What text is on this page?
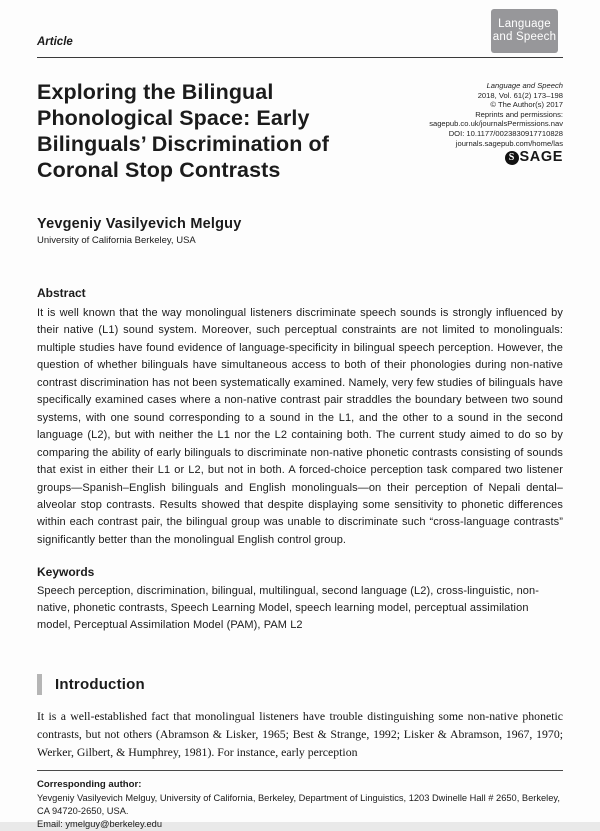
Language
and Speech
Article
Exploring the Bilingual
Phonological Space: Early
Bilinguals’ Discrimination of
Coronal Stop Contrasts
Language and Speech
2018, Vol. 61(2) 173–198
© The Author(s) 2017
Reprints and permissions:
sagepub.co.uk/journalsPermissions.nav
DOI: 10.1177/0023830917710828
journals.sagepub.com/home/las
S SAGE
Yevgeniy Vasilyevich Melguy
University of California Berkeley, USA
Abstract
It is well known that the way monolingual listeners discriminate speech sounds is strongly influenced by their native (L1) sound system. Moreover, such perceptual constraints are not limited to monolinguals: multiple studies have found evidence of language-specificity in bilingual speech perception. However, the question of whether bilinguals have simultaneous access to both of their phonologies during non-native contrast discrimination has not been systematically examined. Namely, very few studies of bilinguals have specifically examined cases where a non-native contrast pair straddles the boundary between two sound systems, with one sound corresponding to a sound in the L1, and the other to a sound in the second language (L2), but with neither the L1 nor the L2 containing both. The current study aimed to do so by comparing the ability of early bilinguals to discriminate non-native phonetic contrasts consisting of sounds that exist in either their L1 or L2, but not in both. A forced-choice perception task compared two listener groups—Spanish–English bilinguals and English monolinguals—on their perception of Nepali dental–alveolar stop contrasts. Results showed that despite displaying some sensitivity to phonetic differences within each contrast pair, the bilingual group was unable to discriminate such “cross-language contrasts” significantly better than the monolingual English control group.
Keywords
Speech perception, discrimination, bilingual, multilingual, second language (L2), cross-linguistic, non-native, phonetic contrasts, Speech Learning Model, speech learning model, perceptual assimilation model, Perceptual Assimilation Model (PAM), PAM L2
Introduction
It is a well-established fact that monolingual listeners have trouble distinguishing some non-native phonetic contrasts, but not others (Abramson & Lisker, 1965; Best & Strange, 1992; Lisker & Abramson, 1967, 1970; Werker, Gilbert, & Humphrey, 1981). For instance, early perception
Corresponding author:
Yevgeniy Vasilyevich Melguy, University of California, Berkeley, Department of Linguistics, 1203 Dwinelle Hall # 2650, Berkeley, CA 94720-2650, USA.
Email: ymelguy@berkeley.edu
